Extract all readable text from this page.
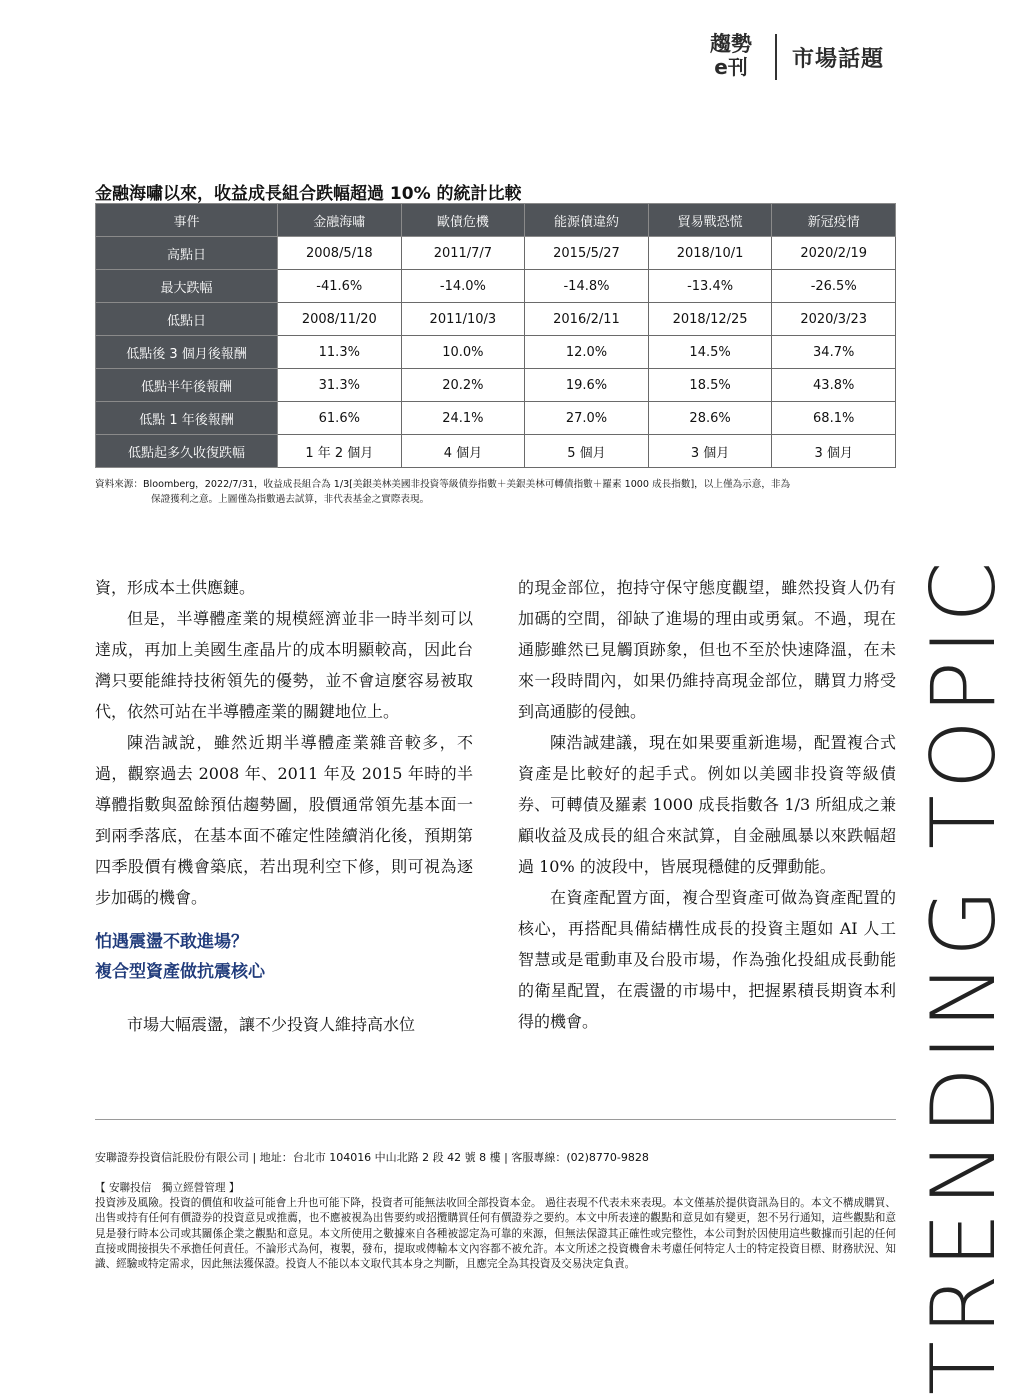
趨勢
e刊	市場話題
金融海嘯以來，收益成長組合跌幅超過 10% 的統計比較
事件	金融海嘯	歐債危機	能源債違約	貿易戰恐慌	新冠疫情
高點日	2008/5/18	2011/7/7	2015/5/27	2018/10/1	2020/2/19
最大跌幅	-41.6%	-14.0%	-14.8%	-13.4%	-26.5%
低點日	2008/11/20	2011/10/3	2016/2/11	2018/12/25	2020/3/23
低點後 3 個月後報酬	11.3%	10.0%	12.0%	14.5%	34.7%
低點半年後報酬	31.3%	20.2%	19.6%	18.5%	43.8%
低點 1 年後報酬	61.6%	24.1%	27.0%	28.6%	68.1%
低點起多久收復跌幅	1 年 2 個月	4 個月	5 個月	3 個月	3 個月
資料來源：Bloomberg，2022/7/31，收益成長組合為 1/3[美銀美林美國非投資等級債券指數＋美銀美林可轉債指數＋羅素 1000 成長指數]，以上僅為示意，非為
保證獲利之意。上圖僅為指數過去試算，非代表基金之實際表現。

資，形成本土供應鏈。

但是，半導體產業的規模經濟並非一時半刻可以達成，再加上美國生產晶片的成本明顯較高，因此台灣只要能維持技術領先的優勢，並不會這麼容易被取代，依然可站在半導體產業的關鍵地位上。

陳浩誠說，雖然近期半導體產業雜音較多，不過，觀察過去 2008 年、2011 年及 2015 年時的半導體指數與盈餘預估趨勢圖，股價通常領先基本面一到兩季落底，在基本面不確定性陸續消化後，預期第四季股價有機會築底，若出現利空下修，則可視為逐步加碼的機會。

怕遇震盪不敢進場？
複合型資產做抗震核心

市場大幅震盪，讓不少投資人維持高水位

的現金部位，抱持守保守態度觀望，雖然投資人仍有加碼的空間，卻缺了進場的理由或勇氣。不過，現在通膨雖然已見觸頂跡象，但也不至於快速降溫，在未來一段時間內，如果仍維持高現金部位，購買力將受到高通膨的侵蝕。

陳浩誠建議，現在如果要重新進場，配置複合式資產是比較好的起手式。例如以美國非投資等級債券、可轉債及羅素 1000 成長指數各 1/3 所組成之兼顧收益及成長的組合來試算，自金融風暴以來跌幅超過 10% 的波段中，皆展現穩健的反彈動能。

在資產配置方面，複合型資產可做為資產配置的核心，再搭配具備結構性成長的投資主題如 AI 人工智慧或是電動車及台股市場，作為強化投組成長動能的衛星配置，在震盪的市場中，把握累積長期資本利得的機會。

安聯證券投資信託股份有限公司 | 地址：台北市 104016 中山北路 2 段 42 號 8 樓 | 客服專線：(02)8770-9828
【 安聯投信　獨立經營管理 】
投資涉及風險。投資的價值和收益可能會上升也可能下降，投資者可能無法收回全部投資本金。 過往表現不代表未來表現。本文僅基於提供資訊為目的。本文不構成購買、出售或持有任何有價證券的投資意見或推薦，也不應被視為出售要約或招攬購買任何有價證券之要約。本文中所表達的觀點和意見如有變更，恕不另行通知，這些觀點和意見是發行時本公司或其關係企業之觀點和意見。本文所使用之數據來自各種被認定為可靠的來源，但無法保證其正確性或完整性，本公司對於因使用這些數據而引起的任何直接或間接損失不承擔任何責任。不論形式為何，複製，發布，提取或傳輸本文內容都不被允許。本文所述之投資機會未考慮任何特定人士的特定投資目標、財務狀況、知識、經驗或特定需求，因此無法獲保證。投資人不能以本文取代其本身之判斷，且應完全為其投資及交易決定負責。	TRENDING TOPIC
